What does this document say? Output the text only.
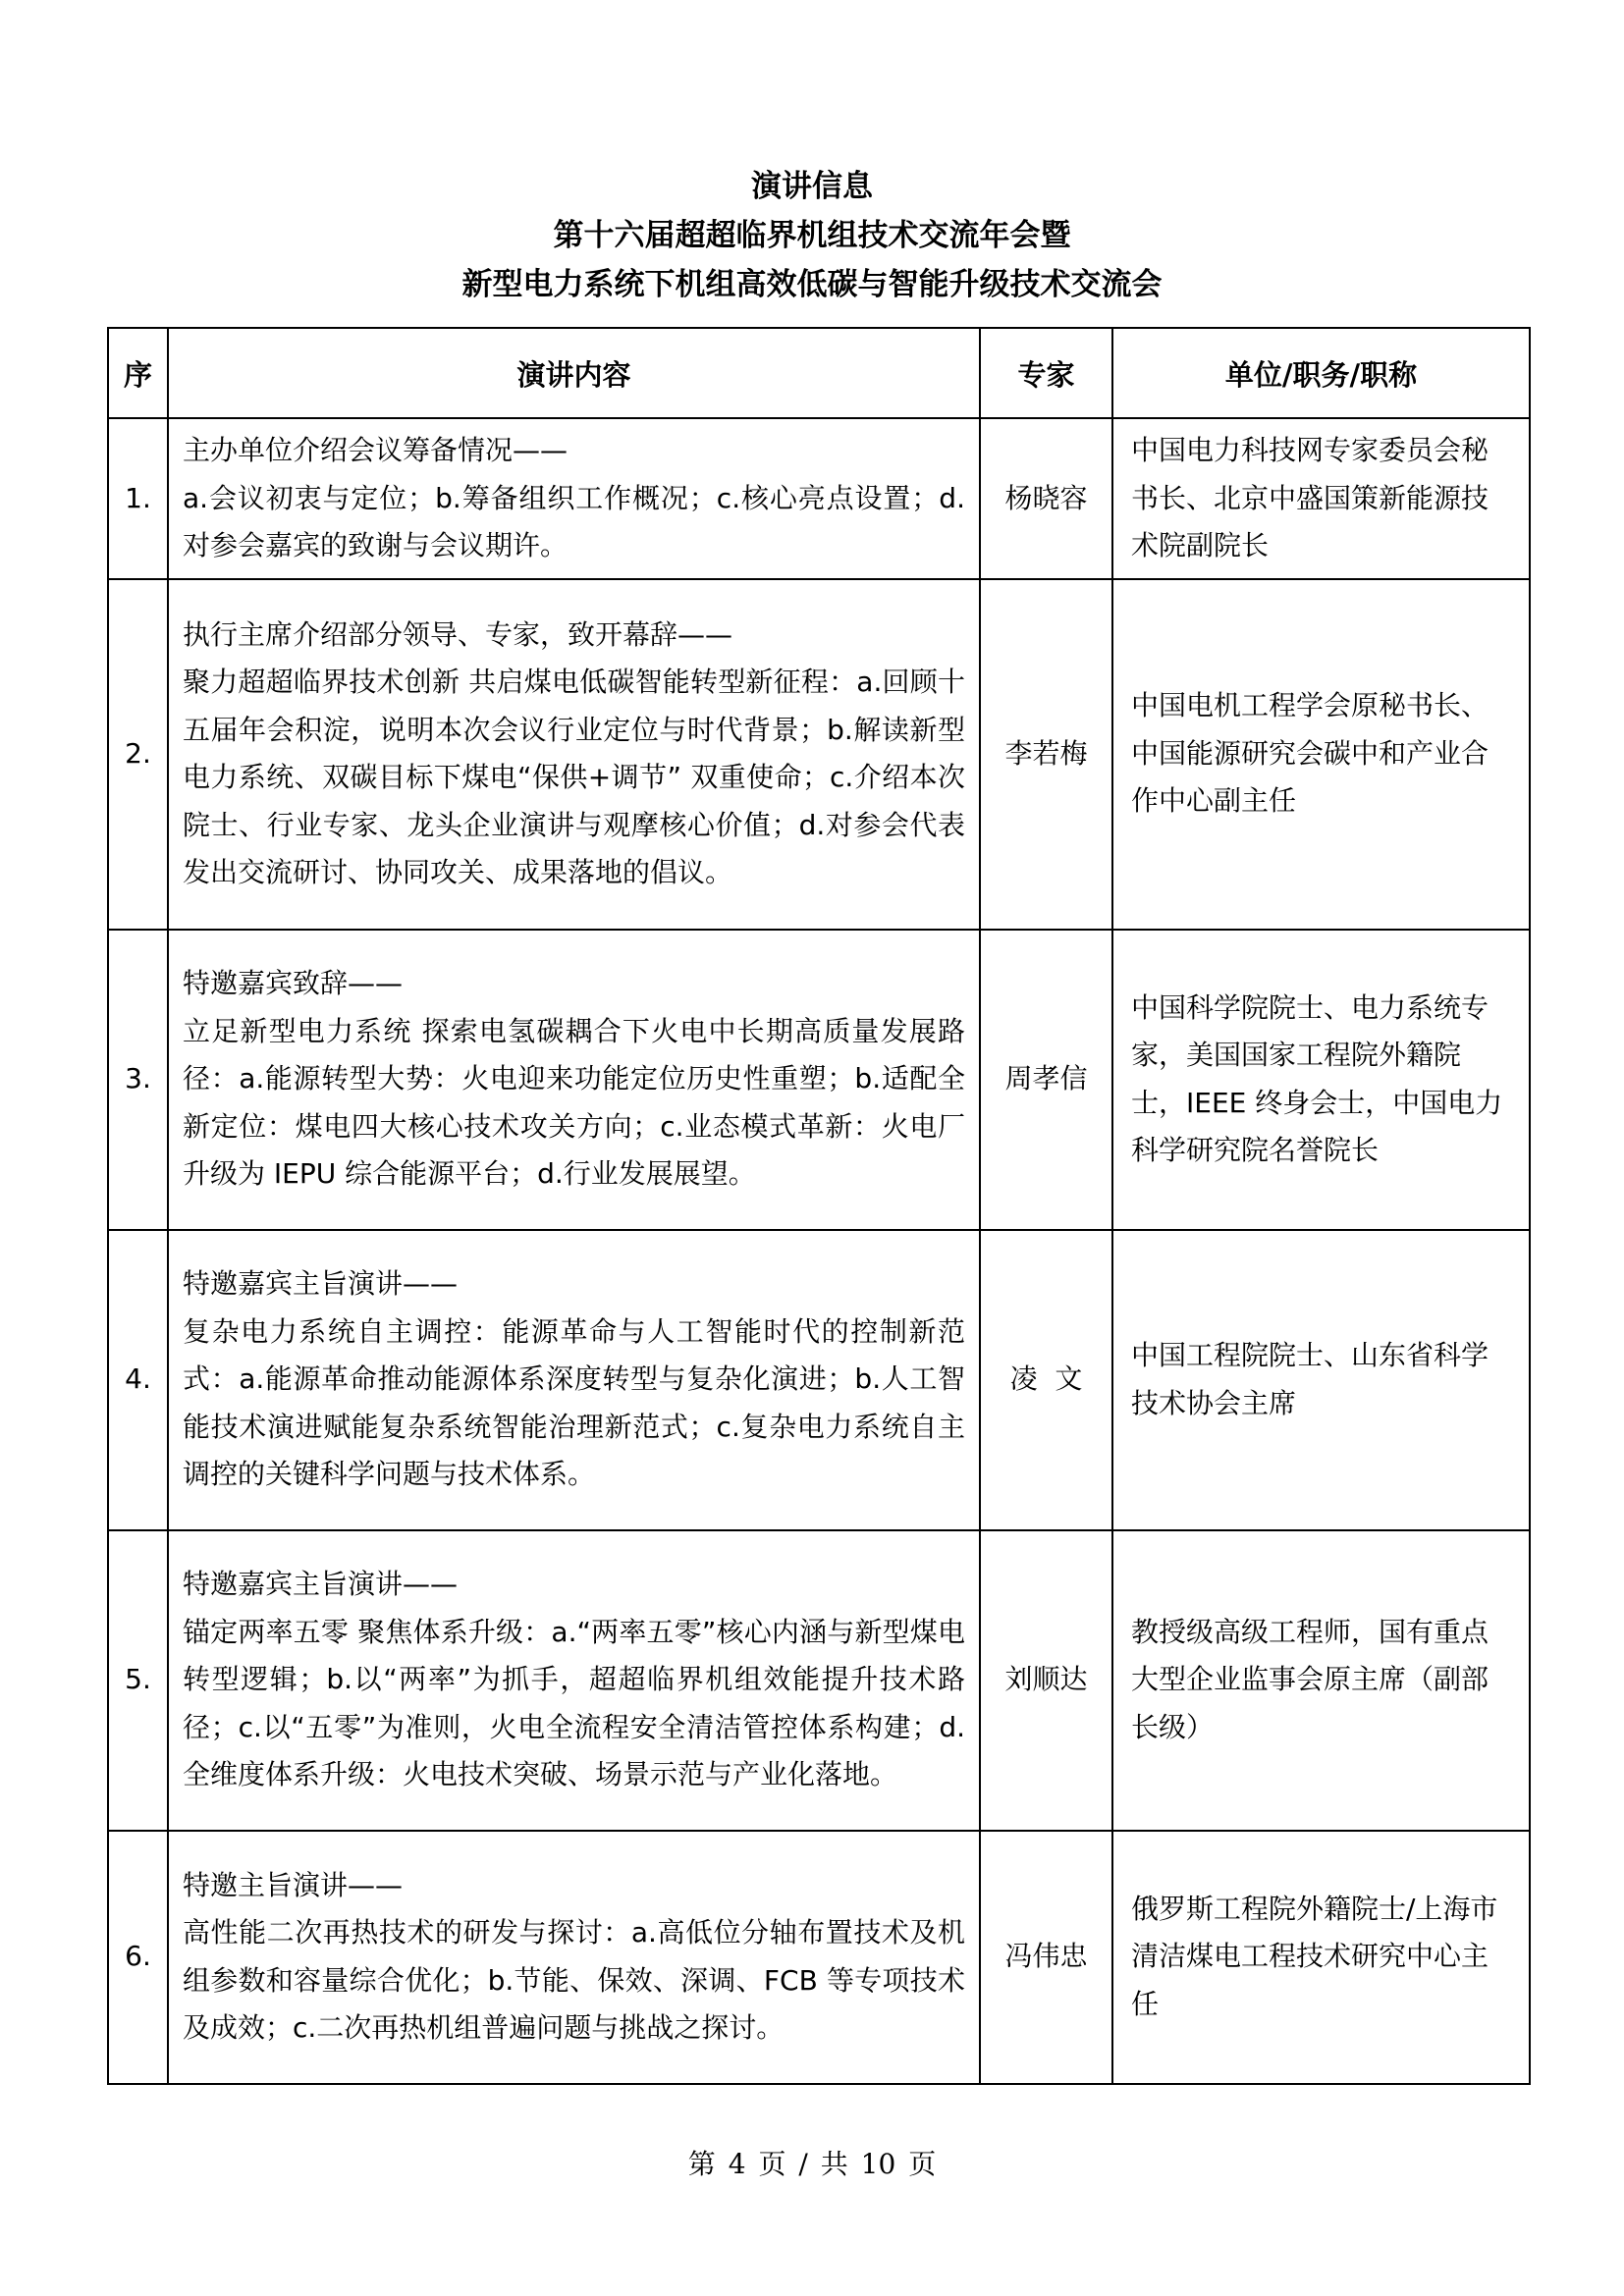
演讲信息
第十六届超超临界机组技术交流年会暨
新型电力系统下机组高效低碳与智能升级技术交流会
序	演讲内容	专家	单位/职务/职称
1.	主办单位介绍会议筹备情况——
a.会议初衷与定位；b.筹备组织工作概况；c.核心亮点设置；d.对参会嘉宾的致谢与会议期许。	杨晓容	中国电力科技网专家委员会秘书长、北京中盛国策新能源技术院副院长
2.	执行主席介绍部分领导、专家，致开幕辞——
聚力超超临界技术创新 共启煤电低碳智能转型新征程：a.回顾十五届年会积淀，说明本次会议行业定位与时代背景；b.解读新型电力系统、双碳目标下煤电“保供+调节” 双重使命；c.介绍本次院士、行业专家、龙头企业演讲与观摩核心价值；d.对参会代表发出交流研讨、协同攻关、成果落地的倡议。	李若梅	中国电机工程学会原秘书长、中国能源研究会碳中和产业合作中心副主任
3.	特邀嘉宾致辞——
立足新型电力系统 探索电氢碳耦合下火电中长期高质量发展路径：a.能源转型大势：火电迎来功能定位历史性重塑；b.适配全新定位：煤电四大核心技术攻关方向；c.业态模式革新：火电厂升级为 IEPU 综合能源平台；d.行业发展展望。	周孝信	中国科学院院士、电力系统专家，美国国家工程院外籍院士，IEEE 终身会士，中国电力科学研究院名誉院长
4.	特邀嘉宾主旨演讲——
复杂电力系统自主调控：能源革命与人工智能时代的控制新范式：a.能源革命推动能源体系深度转型与复杂化演进；b.人工智能技术演进赋能复杂系统智能治理新范式；c.复杂电力系统自主调控的关键科学问题与技术体系。	凌  文	中国工程院院士、山东省科学技术协会主席
5.	特邀嘉宾主旨演讲——
锚定两率五零 聚焦体系升级：a.“两率五零”核心内涵与新型煤电转型逻辑；b.以“两率”为抓手，超超临界机组效能提升技术路径；c.以“五零”为准则，火电全流程安全清洁管控体系构建；d.全维度体系升级：火电技术突破、场景示范与产业化落地。	刘顺达	教授级高级工程师，国有重点大型企业监事会原主席（副部长级）
6.	特邀主旨演讲——
高性能二次再热技术的研发与探讨：a.高低位分轴布置技术及机组参数和容量综合优化；b.节能、保效、深调、FCB 等专项技术及成效；c.二次再热机组普遍问题与挑战之探讨。	冯伟忠	俄罗斯工程院外籍院士/上海市清洁煤电工程技术研究中心主任
第 4 页 / 共 10 页
